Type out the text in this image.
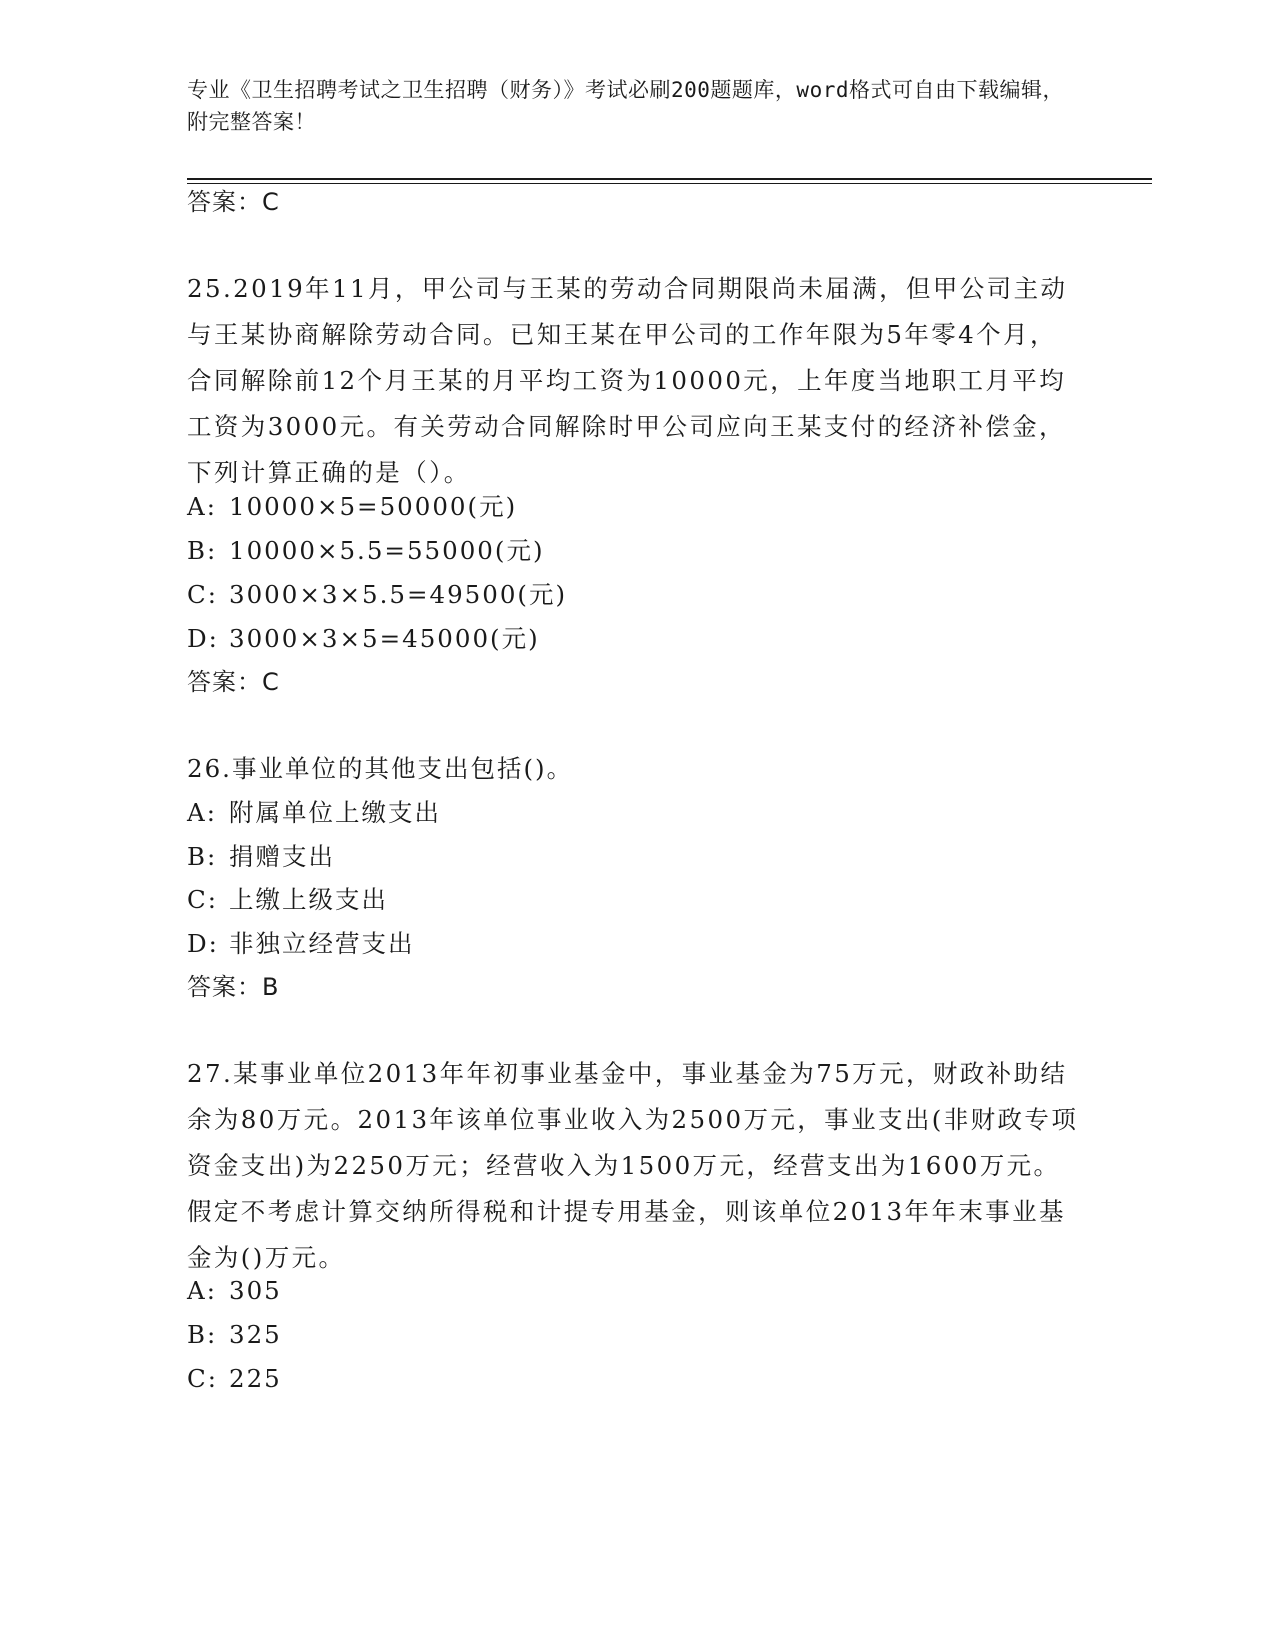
专业《卫生招聘考试之卫生招聘（财务）》考试必刷200题题库，word格式可自由下载编辑，附完整答案！
答案：C
25.2019年11月，甲公司与王某的劳动合同期限尚未届满，但甲公司主动与王某协商解除劳动合同。已知王某在甲公司的工作年限为5年零4个月，合同解除前12个月王某的月平均工资为10000元，上年度当地职工月平均工资为3000元。有关劳动合同解除时甲公司应向王某支付的经济补偿金，下列计算正确的是（）。
A: 10000×5=50000(元)
B: 10000×5.5=55000(元)
C: 3000×3×5.5=49500(元)
D: 3000×3×5=45000(元)
答案：C
26.事业单位的其他支出包括()。
A: 附属单位上缴支出
B: 捐赠支出
C: 上缴上级支出
D: 非独立经营支出
答案：B
27.某事业单位2013年年初事业基金中，事业基金为75万元，财政补助结余为80万元。2013年该单位事业收入为2500万元，事业支出(非财政专项资金支出)为2250万元；经营收入为1500万元，经营支出为1600万元。假定不考虑计算交纳所得税和计提专用基金，则该单位2013年年末事业基金为()万元。
A: 305
B: 325
C: 225
